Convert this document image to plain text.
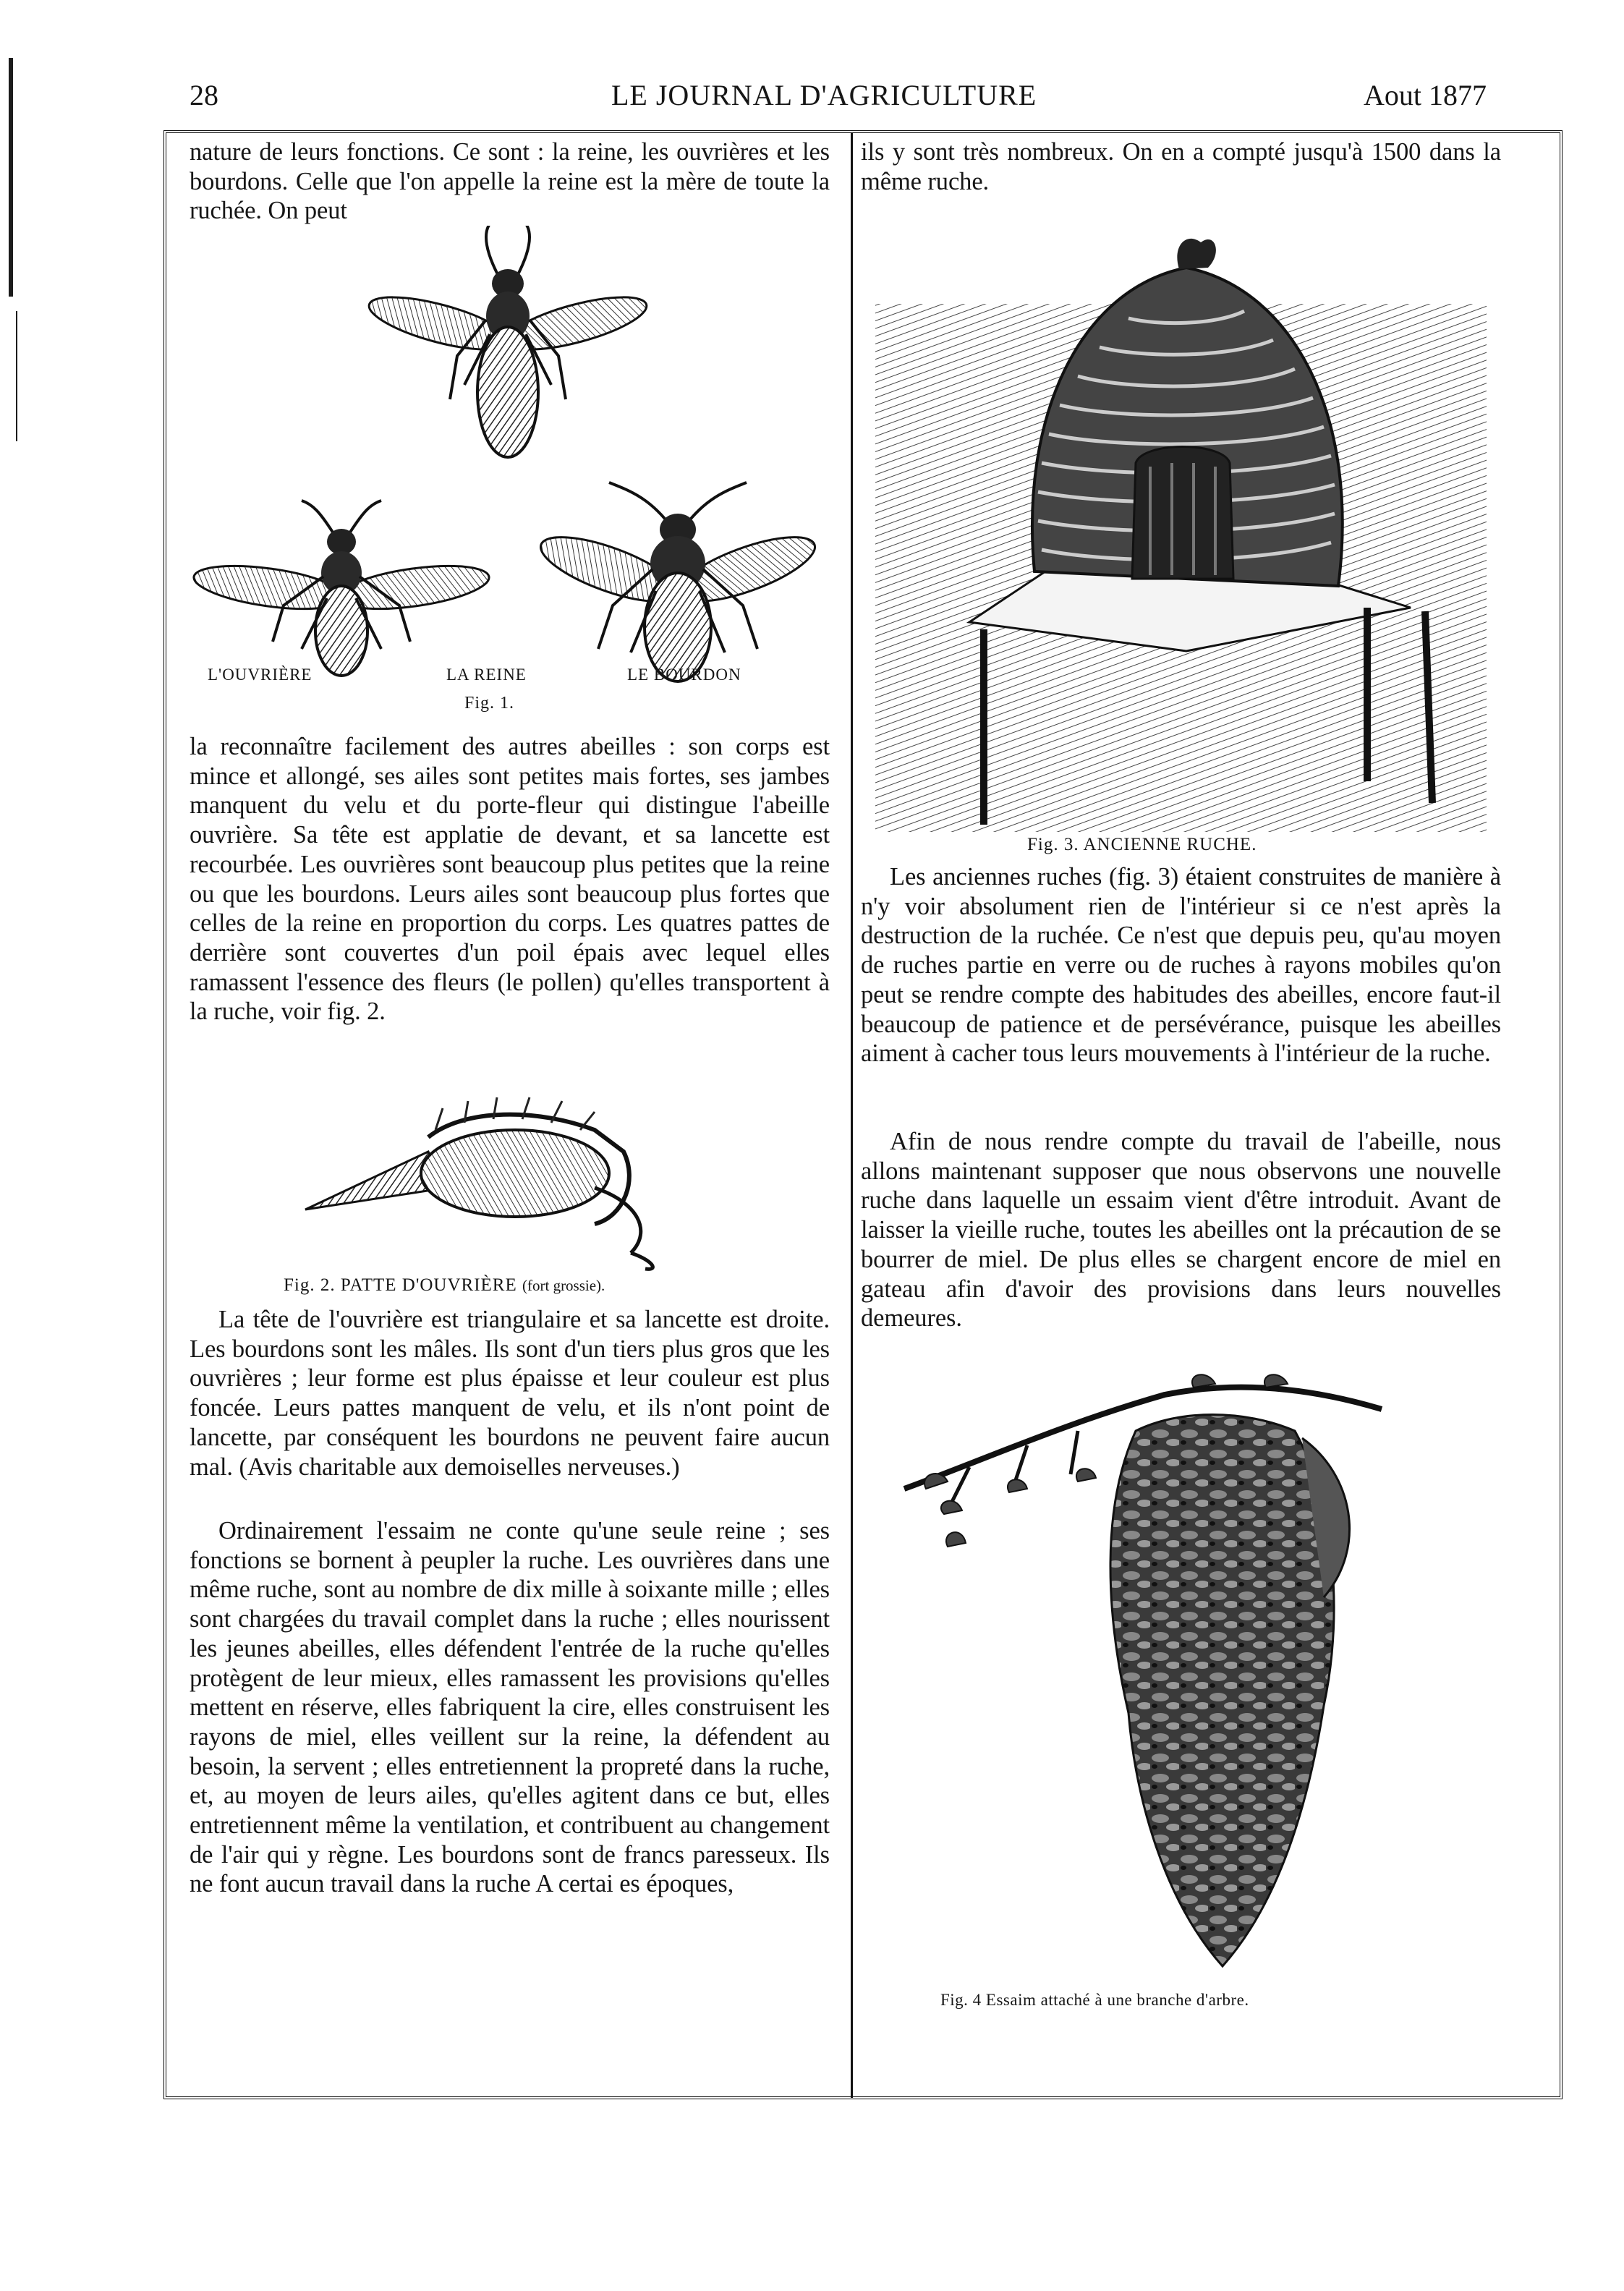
28	LE JOURNAL D'AGRICULTURE	Aout 1877

nature de leurs fonctions. Ce sont : la reine, les ouvrières et les bourdons. Celle que l'on appelle la reine est la mère de toute la ruchée. On peut

L'OUVRIÈRE	LA REINE	LE BOURDON
Fig. 1.

la reconnaître facilement des autres abeilles : son corps est mince et allongé, ses ailes sont petites mais fortes, ses jambes manquent du velu et du porte-fleur qui distingue l'abeille ouvrière. Sa tête est applatie de devant, et sa lancette est recourbée. Les ouvrières sont beaucoup plus petites que la reine ou que les bourdons. Leurs ailes sont beaucoup plus fortes que celles de la reine en proportion du corps. Les quatres pattes de derrière sont couvertes d'un poil épais avec lequel elles ramassent l'essence des fleurs (le pollen) qu'elles transportent à la ruche, voir fig. 2.

Fig. 2. PATTE D'OUVRIÈRE (fort grossie).

La tête de l'ouvrière est triangulaire et sa lancette est droite. Les bourdons sont les mâles. Ils sont d'un tiers plus gros que les ouvrières ; leur forme est plus épaisse et leur couleur est plus foncée. Leurs pattes manquent de velu, et ils n'ont point de lancette, par conséquent les bourdons ne peuvent faire aucun mal. (Avis charitable aux demoiselles nerveuses.)

Ordinairement l'essaim ne conte qu'une seule reine ; ses fonctions se bornent à peupler la ruche. Les ouvrières dans une même ruche, sont au nombre de dix mille à soixante mille ; elles sont chargées du travail complet dans la ruche ; elles nourissent les jeunes abeilles, elles défendent l'entrée de la ruche qu'elles protègent de leur mieux, elles ramassent les provisions qu'elles mettent en réserve, elles fabriquent la cire, elles construisent les rayons de miel, elles veillent sur la reine, la défendent au besoin, la servent ; elles entretiennent la propreté dans la ruche, et, au moyen de leurs ailes, qu'elles agitent dans ce but, elles entretiennent même la ventilation, et contribuent au changement de l'air qui y règne. Les bourdons sont de francs paresseux. Ils ne font aucun travail dans la ruche A certai es époques,

ils y sont très nombreux. On en a compté jusqu'à 1500 dans la même ruche.

Fig. 3. ANCIENNE RUCHE.

Les anciennes ruches (fig. 3) étaient construites de manière à n'y voir absolument rien de l'intérieur si ce n'est après la destruction de la ruchée. Ce n'est que depuis peu, qu'au moyen de ruches partie en verre ou de ruches à rayons mobiles qu'on peut se rendre compte des habitudes des abeilles, encore faut-il beaucoup de patience et de persévérance, puisque les abeilles aiment à cacher tous leurs mouvements à l'intérieur de la ruche.

Afin de nous rendre compte du travail de l'abeille, nous allons maintenant supposer que nous observons une nouvelle ruche dans laquelle un essaim vient d'être introduit. Avant de laisser la vieille ruche, toutes les abeilles ont la précaution de se bourrer de miel. De plus elles se chargent encore de miel en gateau afin d'avoir des provisions dans leurs nouvelles demeures.

Fig. 4 Essaim attaché à une branche d'arbre.
